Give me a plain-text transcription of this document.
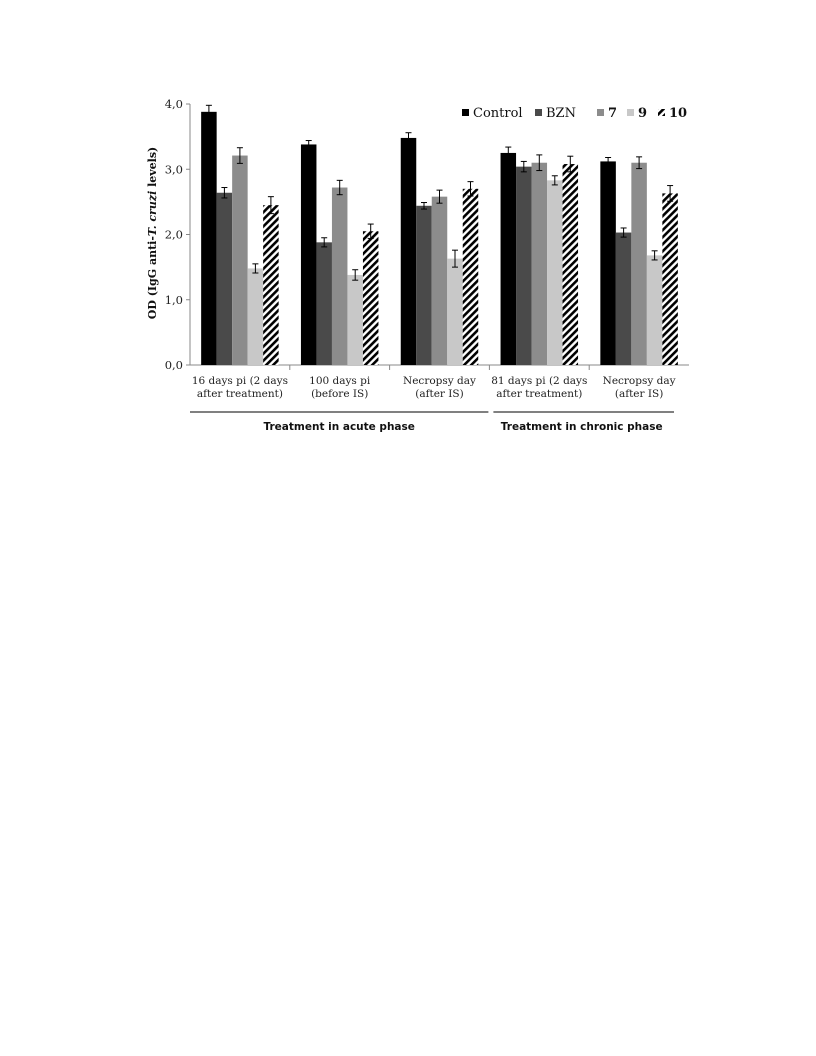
OD (IgG anti-T. cruzi levels)
0,0
1,0
2,0
3,0
4,0
16 days pi (2 days
after treatment)
100 days pi
(before IS)
Necropsy day
(after IS)
81 days pi (2 days
after treatment)
Necropsy day
(after IS)
Control BZN 7 9 10
Treatment in acute phase	Treatment in chronic phase
